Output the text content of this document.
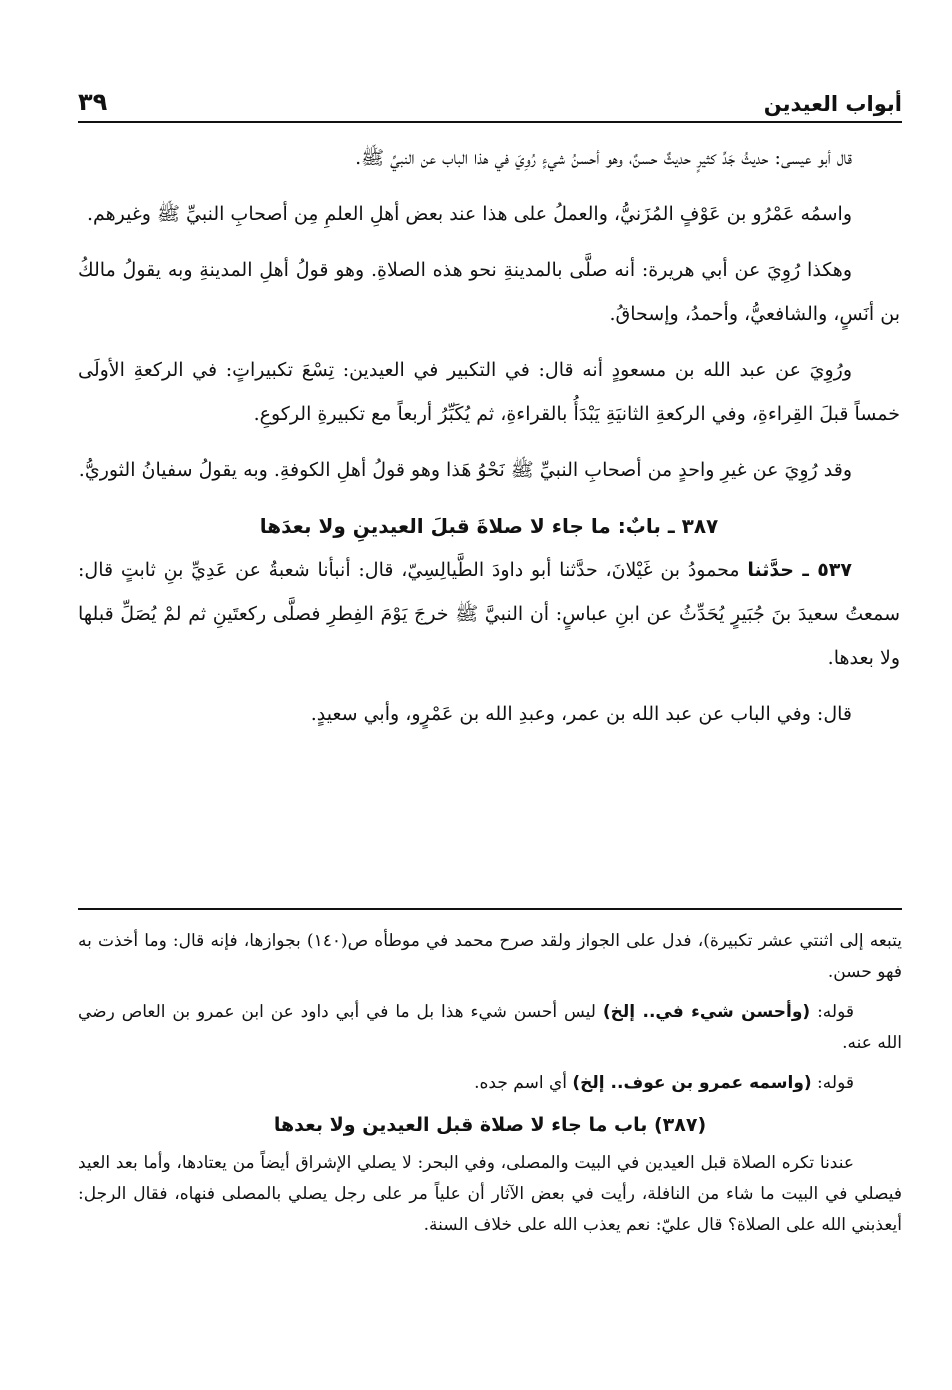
أبواب العيدين
٣٩

قال أبو عيسى: حديثُ جَدِّ كثيرٍ حديثٌ حسنٌ، وهو أحسنُ شيءٍ رُوِيَ في هذا الباب عن النبيِّ ﷺ.

واسمُه عَمْرُو بن عَوْفٍ المُزَنيُّ، والعملُ على هذا عند بعض أهلِ العلمِ مِن أصحابِ النبيِّ ﷺ وغيرهم.

وهكذا رُوِيَ عن أبي هريرة: أنه صلَّى بالمدينةِ نحو هذه الصلاةِ. وهو قولُ أهلِ المدينةِ وبه يقولُ مالكُ بن أنَسٍ، والشافعيُّ، وأحمدُ، وإسحاقُ.

ورُوِيَ عن عبد الله بن مسعودٍ أنه قال: في التكبير في العيدين: تِسْعَ تكبيراتٍ: في الركعةِ الأولَى خمساً قبلَ القِراءةِ، وفي الركعةِ الثانيَةِ يَبْدَأُ بالقراءةِ، ثم يُكَبِّرُ أربعاً مع تكبيرةِ الركوعِ.

وقد رُوِيَ عن غيرِ واحدٍ من أصحابِ النبيِّ ﷺ نَحْوُ هَذا وهو قولُ أهلِ الكوفةِ. وبه يقولُ سفيانُ الثوريُّ.

٣٨٧ ـ بابٌ: ما جاء لا صلاةَ قبلَ العيدينِ ولا بعدَها

٥٣٧ ـ حدَّثنا محمودُ بن غَيْلانَ، حدَّثنا أبو داودَ الطَّيالِسِيّ، قال: أنبأنا شعبةُ عن عَدِيِّ بنِ ثابتٍ قال: سمعتُ سعيدَ بنَ جُبَيرٍ يُحَدِّثُ عن ابنِ عباسٍ: أن النبيَّ ﷺ خرجَ يَوْمَ الفِطرِ فصلَّى ركعتَينِ ثم لمْ يُصَلِّ قبلها ولا بعدها.

قال: وفي الباب عن عبد الله بن عمر، وعبدِ الله بن عَمْرٍو، وأبي سعيدٍ.

يتبعه إلى اثنتي عشر تكبيرة)، فدل على الجواز ولقد صرح محمد في موطأه ص(١٤٠) بجوازها، فإنه قال: وما أخذت به فهو حسن.

قوله: (وأحسن شيء في.. إلخ) ليس أحسن شيء هذا بل ما في أبي داود عن ابن عمرو بن العاص رضي الله عنه.

قوله: (واسمه عمرو بن عوف.. إلخ) أي اسم جده.

(٣٨٧) باب ما جاء لا صلاة قبل العيدين ولا بعدها

عندنا تكره الصلاة قبل العيدين في البيت والمصلى، وفي البحر: لا يصلي الإشراق أيضاً من يعتادها، وأما بعد العيد فيصلي في البيت ما شاء من النافلة، رأيت في بعض الآثار أن علياً مر على رجل يصلي بالمصلى فنهاه، فقال الرجل: أيعذبني الله على الصلاة؟ قال عليّ: نعم يعذب الله على خلاف السنة.
